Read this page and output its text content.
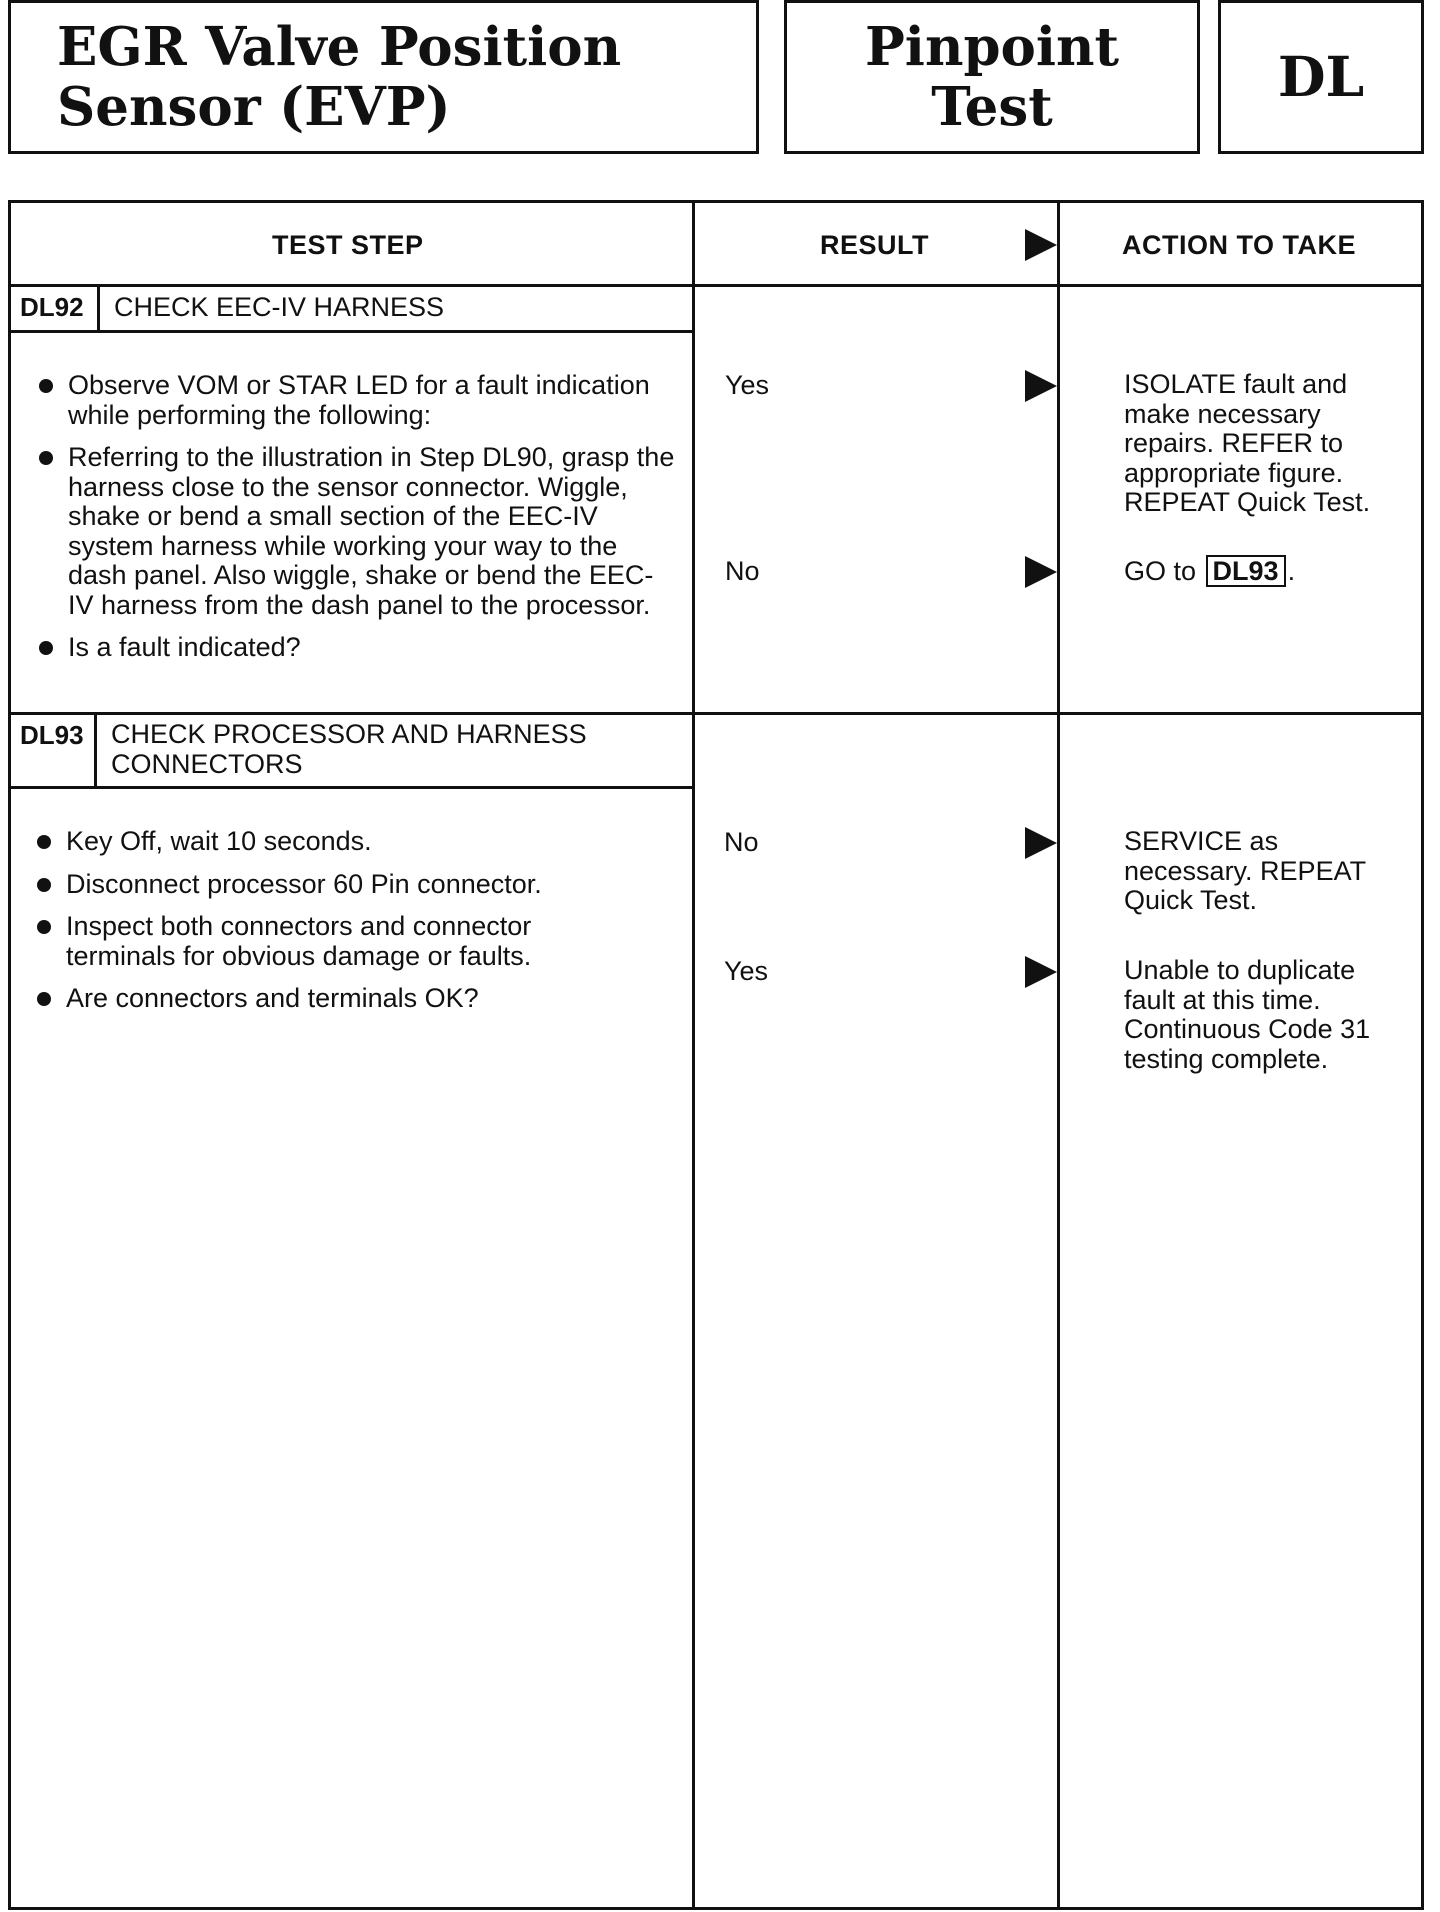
EGR Valve Position
Sensor (EVP)
Pinpoint
Test	DL
TEST STEP	RESULT	ACTION TO TAKE
DL92 CHECK EEC-IV HARNESS
Observe VOM or STAR LED for a fault indication while performing the following:
Referring to the illustration in Step DL90, grasp the harness close to the sensor connector. Wiggle, shake or bend a small section of the EEC-IV system harness while working your way to the dash panel. Also wiggle, shake or bend the EEC-IV harness from the dash panel to the processor.
Is a fault indicated?
Yes	ISOLATE fault and make necessary repairs. REFER to appropriate figure. REPEAT Quick Test.
No	GO to DL93 .
DL93 CHECK PROCESSOR AND HARNESS CONNECTORS
Key Off, wait 10 seconds.
Disconnect processor 60 Pin connector.
Inspect both connectors and connector terminals for obvious damage or faults.
Are connectors and terminals OK?
No	SERVICE as necessary. REPEAT Quick Test.
Yes	Unable to duplicate fault at this time. Continuous Code 31 testing complete.
